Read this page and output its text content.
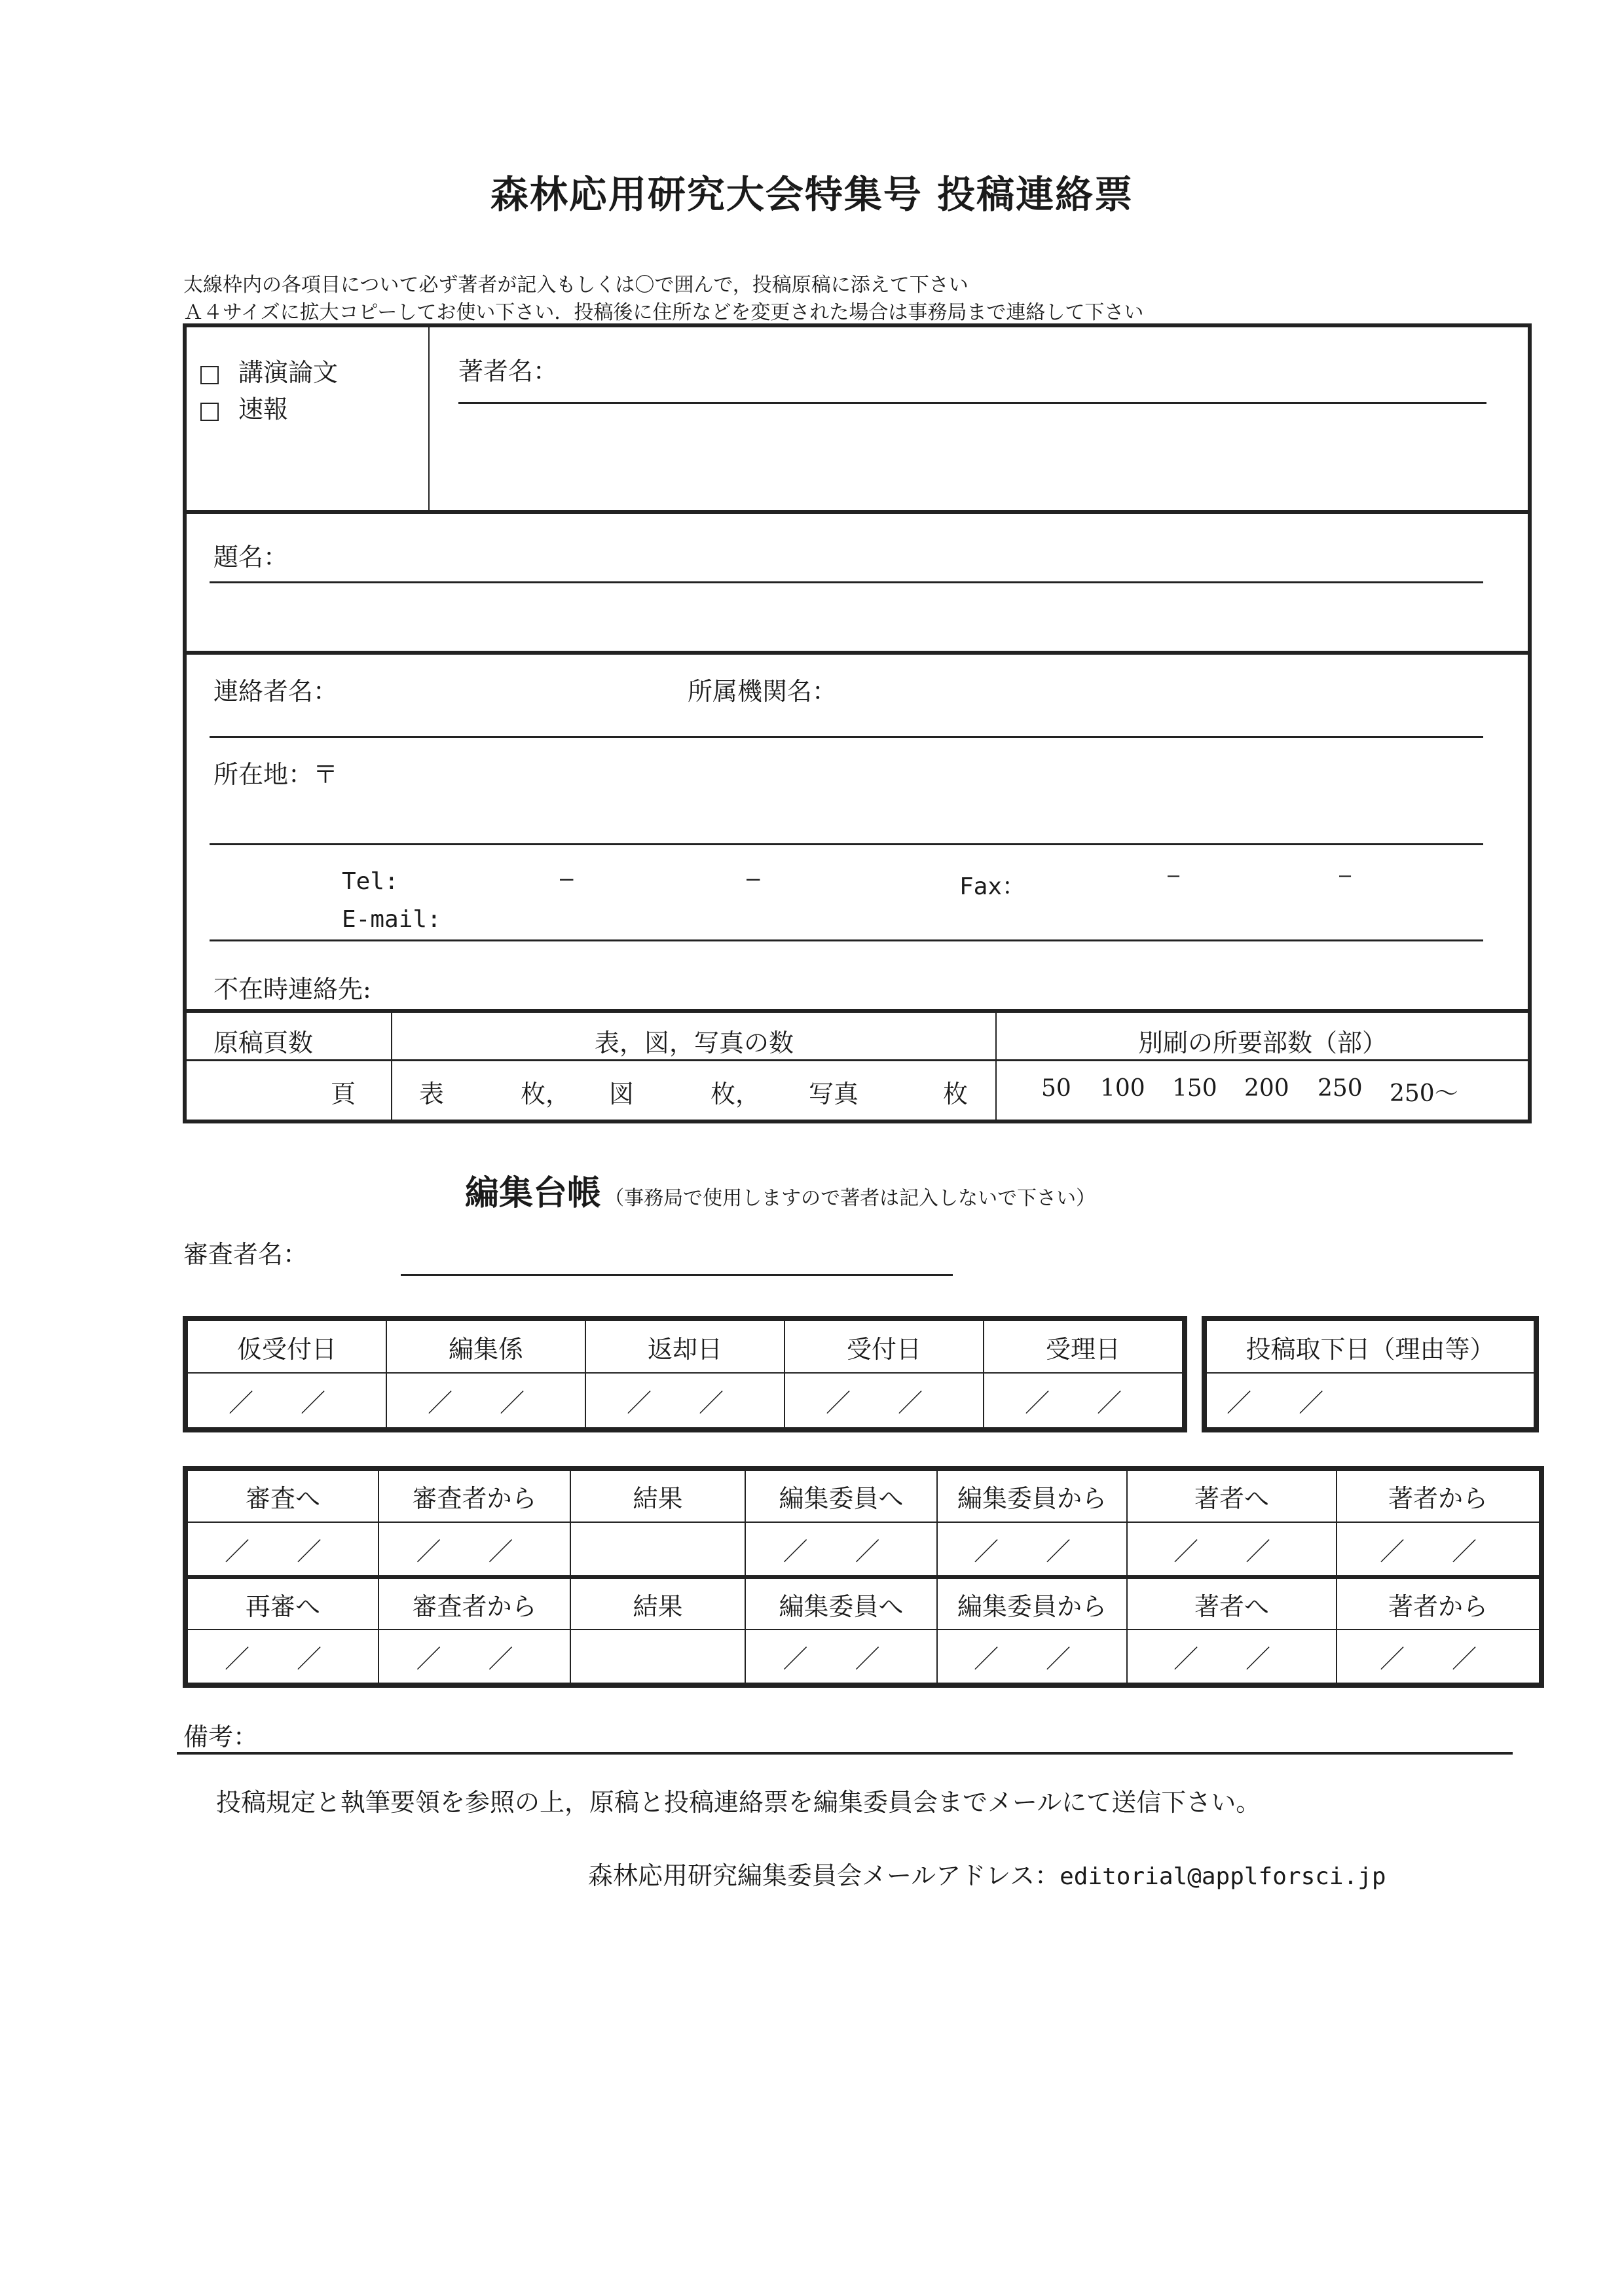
森林応用研究大会特集号 投稿連絡票
太線枠内の各項目について必ず著者が記入もしくは〇で囲んで，投稿原稿に添えて下さい
Ａ４サイズに拡大コピーしてお使い下さい．投稿後に住所などを変更された場合は事務局まで連絡して下さい
講演論文
速報
著者名：
題名：
連絡者名：	所属機関名：
所在地：〒
Tel:	—	—	Fax：	—	—
E-mail:
不在時連絡先:
原稿頁数	表，図，写真の数	別刷の所要部数（部）
頁	表	枚， 図	枚， 写真	枚	50 100 150 200 250 250〜
編集台帳 （事務局で使用しますので著者は記入しないで下さい）
審査者名：
仮受付日	編集係	返却日	受付日	受理日
／ ／	／ ／	／ ／	／ ／	／ ／
投稿取下日（理由等）
／ ／
審査へ	審査者から	結果	編集委員へ	編集委員から	著者へ	著者から
／ ／	／ ／		／ ／	／ ／	／ ／	／ ／
再審へ	審査者から	結果	編集委員へ	編集委員から	著者へ	著者から
／ ／	／ ／		／ ／	／ ／	／ ／	／ ／
備考：
投稿規定と執筆要領を参照の上，原稿と投稿連絡票を編集委員会までメールにて送信下さい。
森林応用研究編集委員会メールアドレス：editorial@applforsci.jp
